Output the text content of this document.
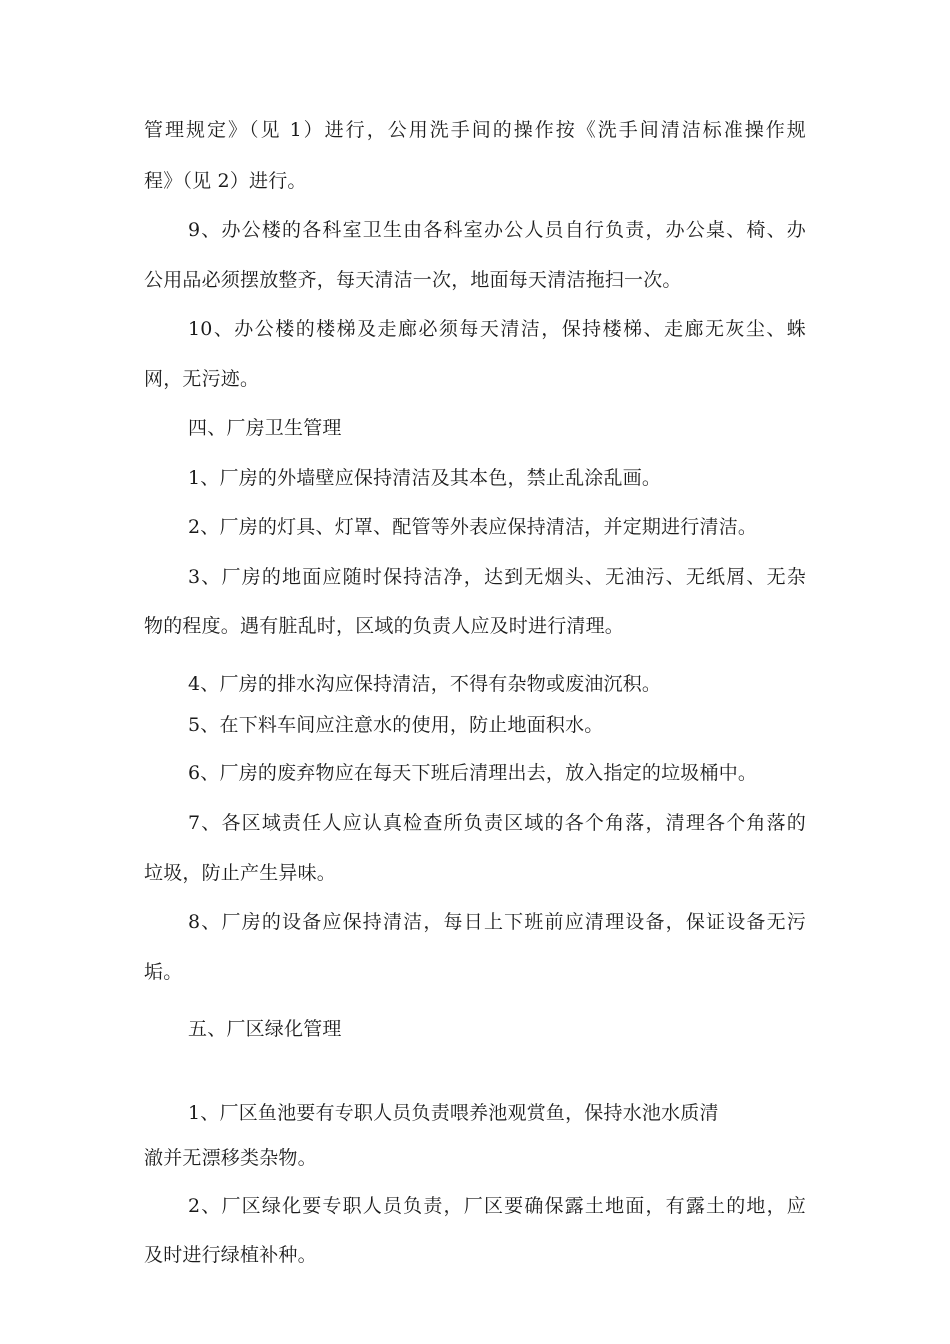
管理规定》（见 1）进行，公用洗手间的操作按《洗手间清洁标准操作规
程》（见 2）进行。
9、办公楼的各科室卫生由各科室办公人员自行负责，办公桌、椅、办
公用品必须摆放整齐，每天清洁一次，地面每天清洁拖扫一次。
10、办公楼的楼梯及走廊必须每天清洁，保持楼梯、走廊无灰尘、蛛
网，无污迹。
四、厂房卫生管理
1、厂房的外墙壁应保持清洁及其本色，禁止乱涂乱画。
2、厂房的灯具、灯罩、配管等外表应保持清洁，并定期进行清洁。
3、厂房的地面应随时保持洁净，达到无烟头、无油污、无纸屑、无杂
物的程度。遇有脏乱时，区域的负责人应及时进行清理。
4、厂房的排水沟应保持清洁，不得有杂物或废油沉积。
5、在下料车间应注意水的使用，防止地面积水。
6、厂房的废弃物应在每天下班后清理出去，放入指定的垃圾桶中。
7、各区域责任人应认真检查所负责区域的各个角落，清理各个角落的
垃圾，防止产生异味。
8、厂房的设备应保持清洁，每日上下班前应清理设备，保证设备无污
垢。
五、厂区绿化管理
1、厂区鱼池要有专职人员负责喂养池观赏鱼，保持水池水质清
澈并无漂移类杂物。
2、厂区绿化要专职人员负责，厂区要确保露土地面，有露土的地，应
及时进行绿植补种。
